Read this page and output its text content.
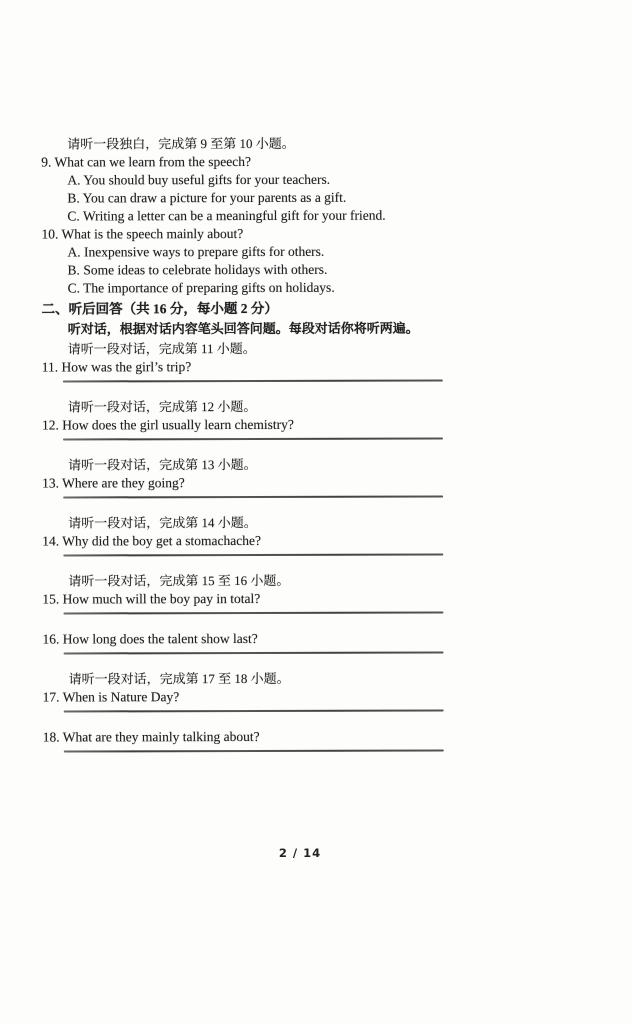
请听一段独白，完成第 9 至第 10 小题。
9. What can we learn from the speech?
A. You should buy useful gifts for your teachers.
B. You can draw a picture for your parents as a gift.
C. Writing a letter can be a meaningful gift for your friend.
10. What is the speech mainly about?
A. Inexpensive ways to prepare gifts for others.
B. Some ideas to celebrate holidays with others.
C. The importance of preparing gifts on holidays.
二、听后回答（共 16 分，每小题 2 分）
听对话，根据对话内容笔头回答问题。每段对话你将听两遍。
请听一段对话，完成第 11 小题。
11. How was the girl’s trip?
请听一段对话，完成第 12 小题。
12. How does the girl usually learn chemistry?
请听一段对话，完成第 13 小题。
13. Where are they going?
请听一段对话，完成第 14 小题。
14. Why did the boy get a stomachache?
请听一段对话，完成第 15 至 16 小题。
15. How much will the boy pay in total?
16. How long does the talent show last?
请听一段对话，完成第 17 至 18 小题。
17. When is Nature Day?
18. What are they mainly talking about?
2 / 14
